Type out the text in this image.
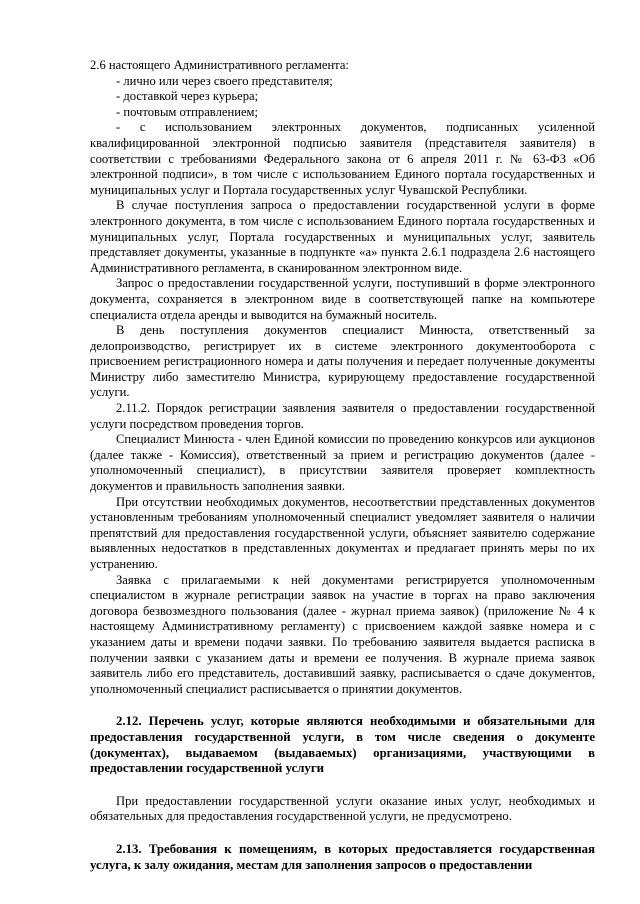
2.6 настоящего Административного регламента:

- лично или через своего представителя;

- доставкой через курьера;

- почтовым отправлением;

- с использованием электронных документов, подписанных усиленной квалифицированной электронной подписью заявителя (представителя заявителя) в соответствии с требованиями Федерального закона от 6 апреля 2011 г. № 63-ФЗ «Об электронной подписи», в том числе с использованием Единого портала государственных и муниципальных услуг и Портала государственных услуг Чувашской Республики.

В случае поступления запроса о предоставлении государственной услуги в форме электронного документа, в том числе с использованием Единого портала государственных и муниципальных услуг, Портала государственных и муниципальных услуг, заявитель представляет документы, указанные в подпункте «а» пункта 2.6.1 подраздела 2.6 настоящего Административного регламента, в сканированном электронном виде.

Запрос о предоставлении государственной услуги, поступивший в форме электронного документа, сохраняется в электронном виде в соответствующей папке на компьютере специалиста отдела аренды и выводится на бумажный носитель.

В день поступления документов специалист Минюста, ответственный за делопроизводство, регистрирует их в системе электронного документооборота с присвоением регистрационного номера и даты получения и передает полученные документы Министру либо заместителю Министра, курирующему предоставление государственной услуги.

2.11.2. Порядок регистрации заявления заявителя о предоставлении государственной услуги посредством проведения торгов.

Специалист Минюста - член Единой комиссии по проведению конкурсов или аукционов (далее также - Комиссия), ответственный за прием и регистрацию документов (далее - уполномоченный специалист), в присутствии заявителя проверяет комплектность документов и правильность заполнения заявки.

При отсутствии необходимых документов, несоответствии представленных документов установленным требованиям уполномоченный специалист уведомляет заявителя о наличии препятствий для предоставления государственной услуги, объясняет заявителю содержание выявленных недостатков в представленных документах и предлагает принять меры по их устранению.

Заявка с прилагаемыми к ней документами регистрируется уполномоченным специалистом в журнале регистрации заявок на участие в торгах на право заключения договора безвозмездного пользования (далее - журнал приема заявок) (приложение № 4 к настоящему Административному регламенту) с присвоением каждой заявке номера и с указанием даты и времени подачи заявки. По требованию заявителя выдается расписка в получении заявки с указанием даты и времени ее получения. В журнале приема заявок заявитель либо его представитель, доставивший заявку, расписывается о сдаче документов, уполномоченный специалист расписывается о принятии документов.

2.12. Перечень услуг, которые являются необходимыми и обязательными для предоставления государственной услуги, в том числе сведения о документе (документах), выдаваемом (выдаваемых) организациями, участвующими в предоставлении государственной услуги

При предоставлении государственной услуги оказание иных услуг, необходимых и обязательных для предоставления государственной услуги, не предусмотрено.

2.13. Требования к помещениям, в которых предоставляется государственная услуга, к залу ожидания, местам для заполнения запросов о предоставлении
